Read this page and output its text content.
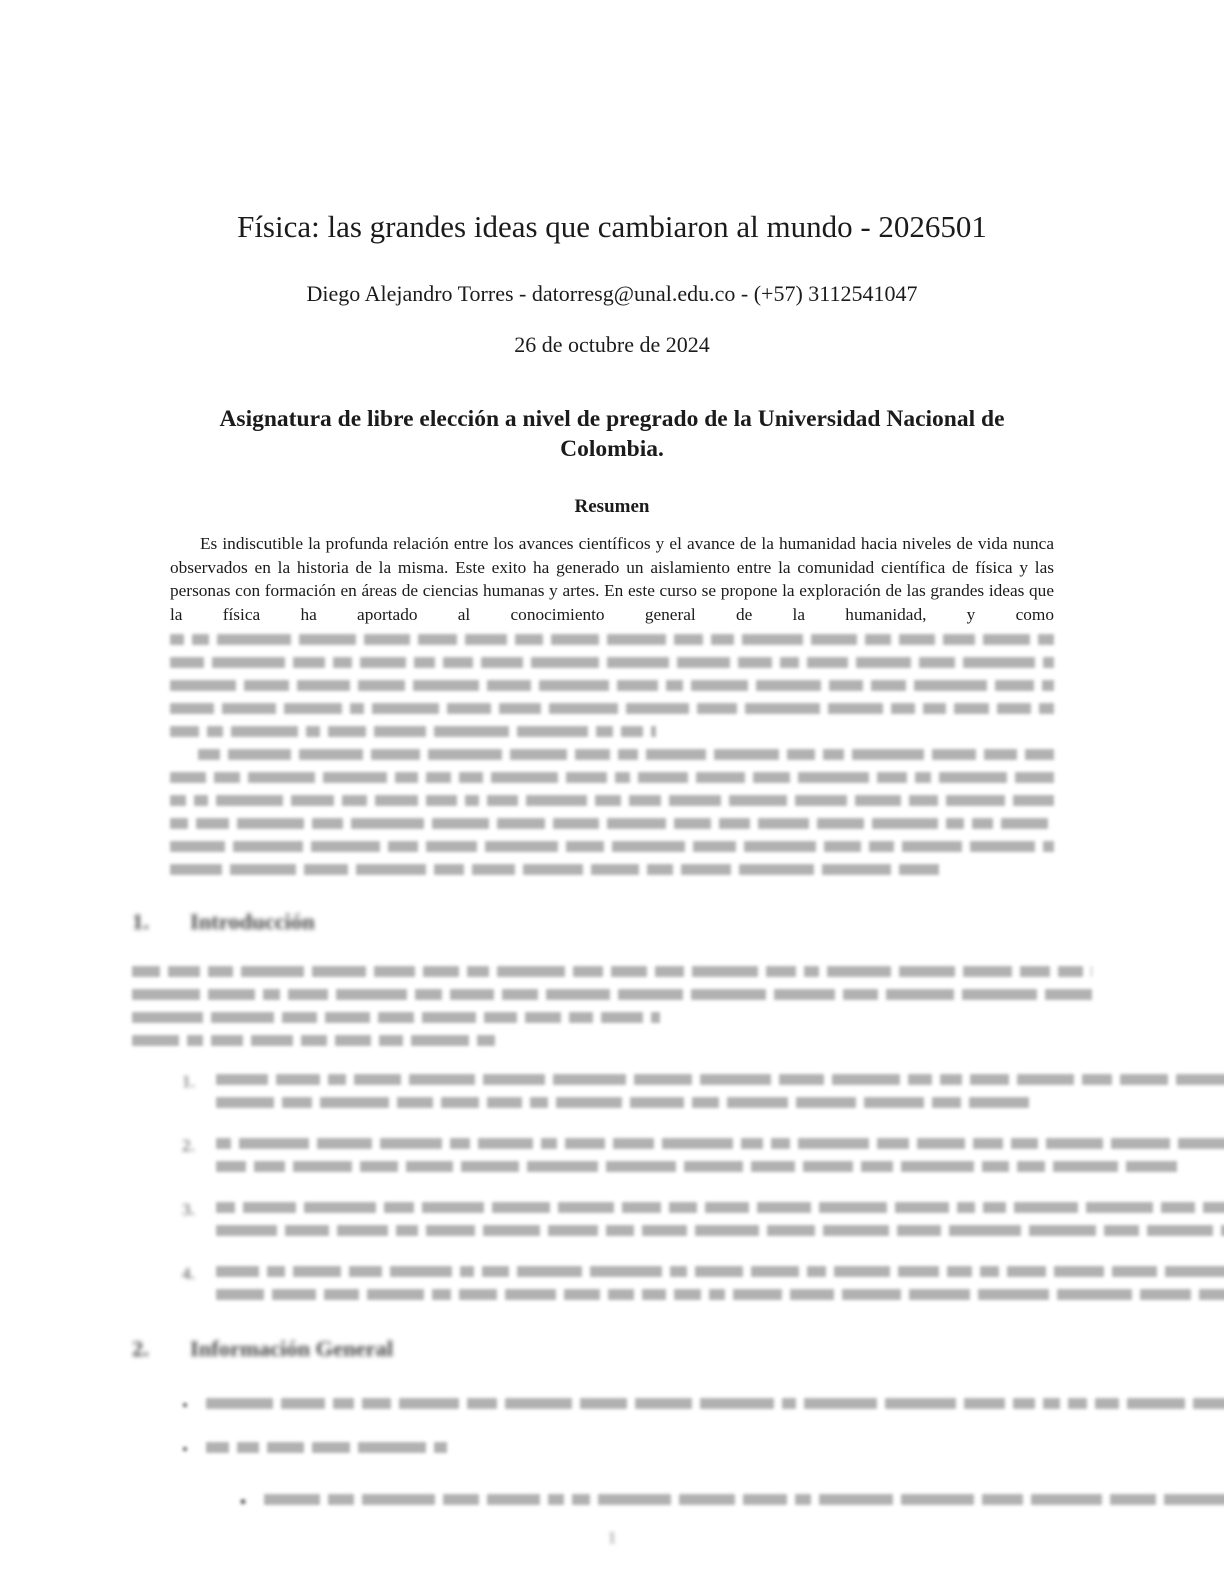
Física: las grandes ideas que cambiaron al mundo - 2026501
Diego Alejandro Torres - datorresg@unal.edu.co - (+57) 3112541047
26 de octubre de 2024
Asignatura de libre elección a nivel de pregrado de la Universidad Nacional de
Colombia.
Resumen

Es indiscutible la profunda relación entre los avances científicos y el avance de la humanidad hacia niveles de vida nunca observados en la historia de la misma. Este exito ha generado un aislamiento entre la comunidad científica de física y las personas con formación en áreas de ciencias humanas y artes. En este curso se propone la exploración de las grandes ideas que la física ha aportado al conocimiento general de la humanidad, y como

1.	Introducción
1.
2.
3.
4.
2.	Información General
•
•
▪
1
